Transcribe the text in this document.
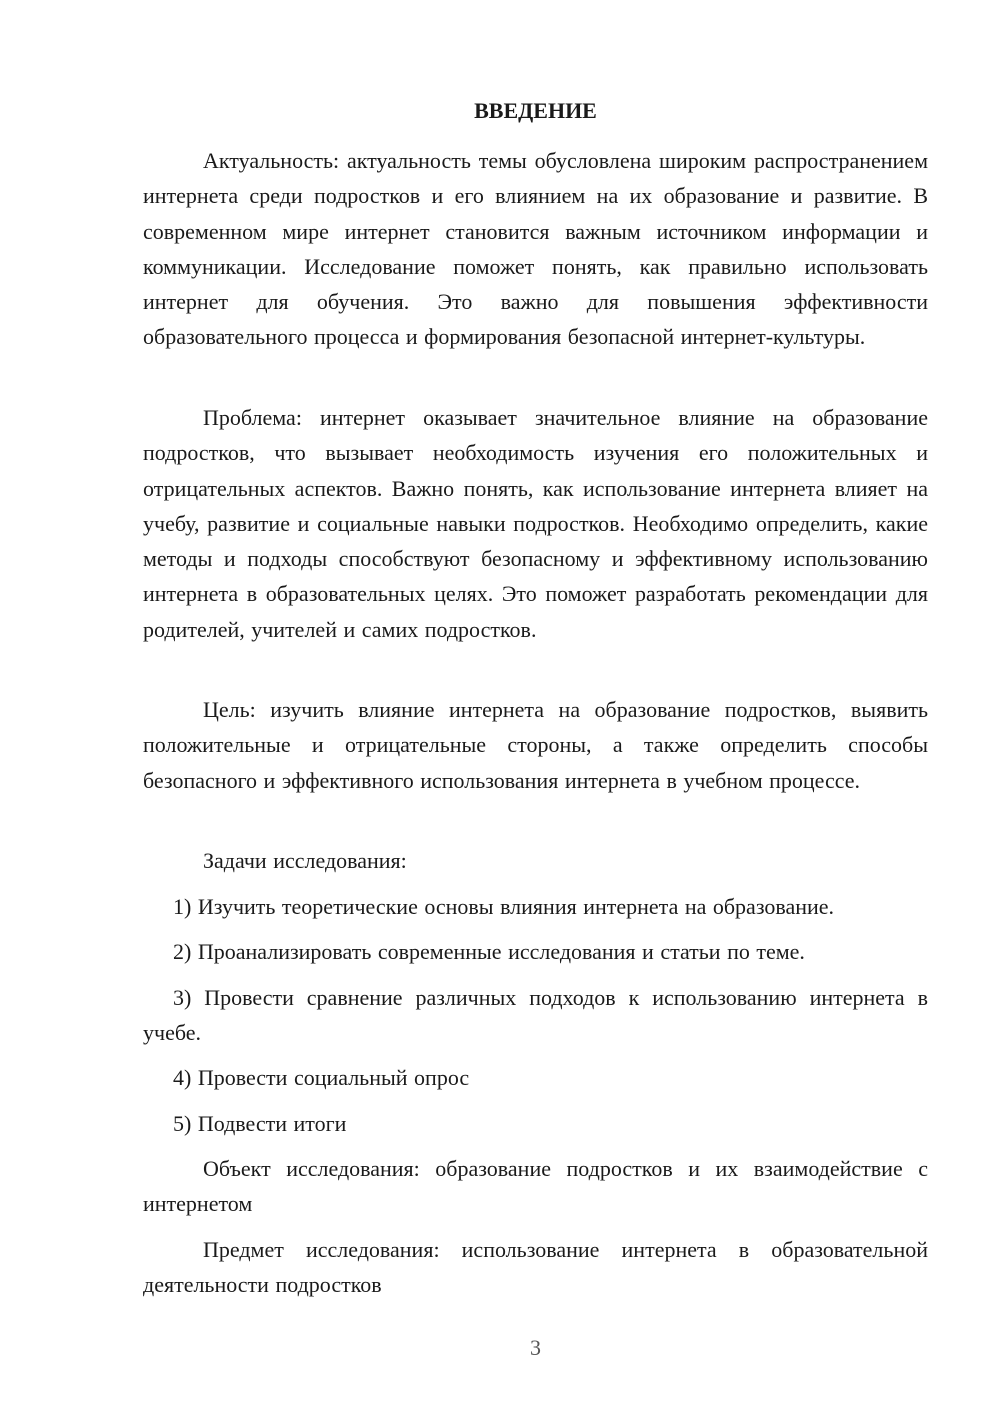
ВВЕДЕНИЕ

Актуальность: актуальность темы обусловлена широким распространением интернета среди подростков и его влиянием на их образование и развитие. В современном мире интернет становится важным источником информации и коммуникации. Исследование поможет понять, как правильно использовать интернет для обучения. Это важно для повышения эффективности образовательного процесса и формирования безопасной интернет-культуры.

Проблема: интернет оказывает значительное влияние на образование подростков, что вызывает необходимость изучения его положительных и отрицательных аспектов. Важно понять, как использование интернета влияет на учебу, развитие и социальные навыки подростков. Необходимо определить, какие методы и подходы способствуют безопасному и эффективному использованию интернета в образовательных целях. Это поможет разработать рекомендации для родителей, учителей и самих подростков.

Цель: изучить влияние интернета на образование подростков, выявить положительные и отрицательные стороны, а также определить способы безопасного и эффективного использования интернета в учебном процессе.

Задачи исследования:

1) Изучить теоретические основы влияния интернета на образование.

2) Проанализировать современные исследования и статьи по теме.

3) Провести сравнение различных подходов к использованию интернета в учебе.

4) Провести социальный опрос

5) Подвести итоги

Объект исследования: образование подростков и их взаимодействие с интернетом

Предмет исследования: использование интернета в образовательной деятельности подростков

3
